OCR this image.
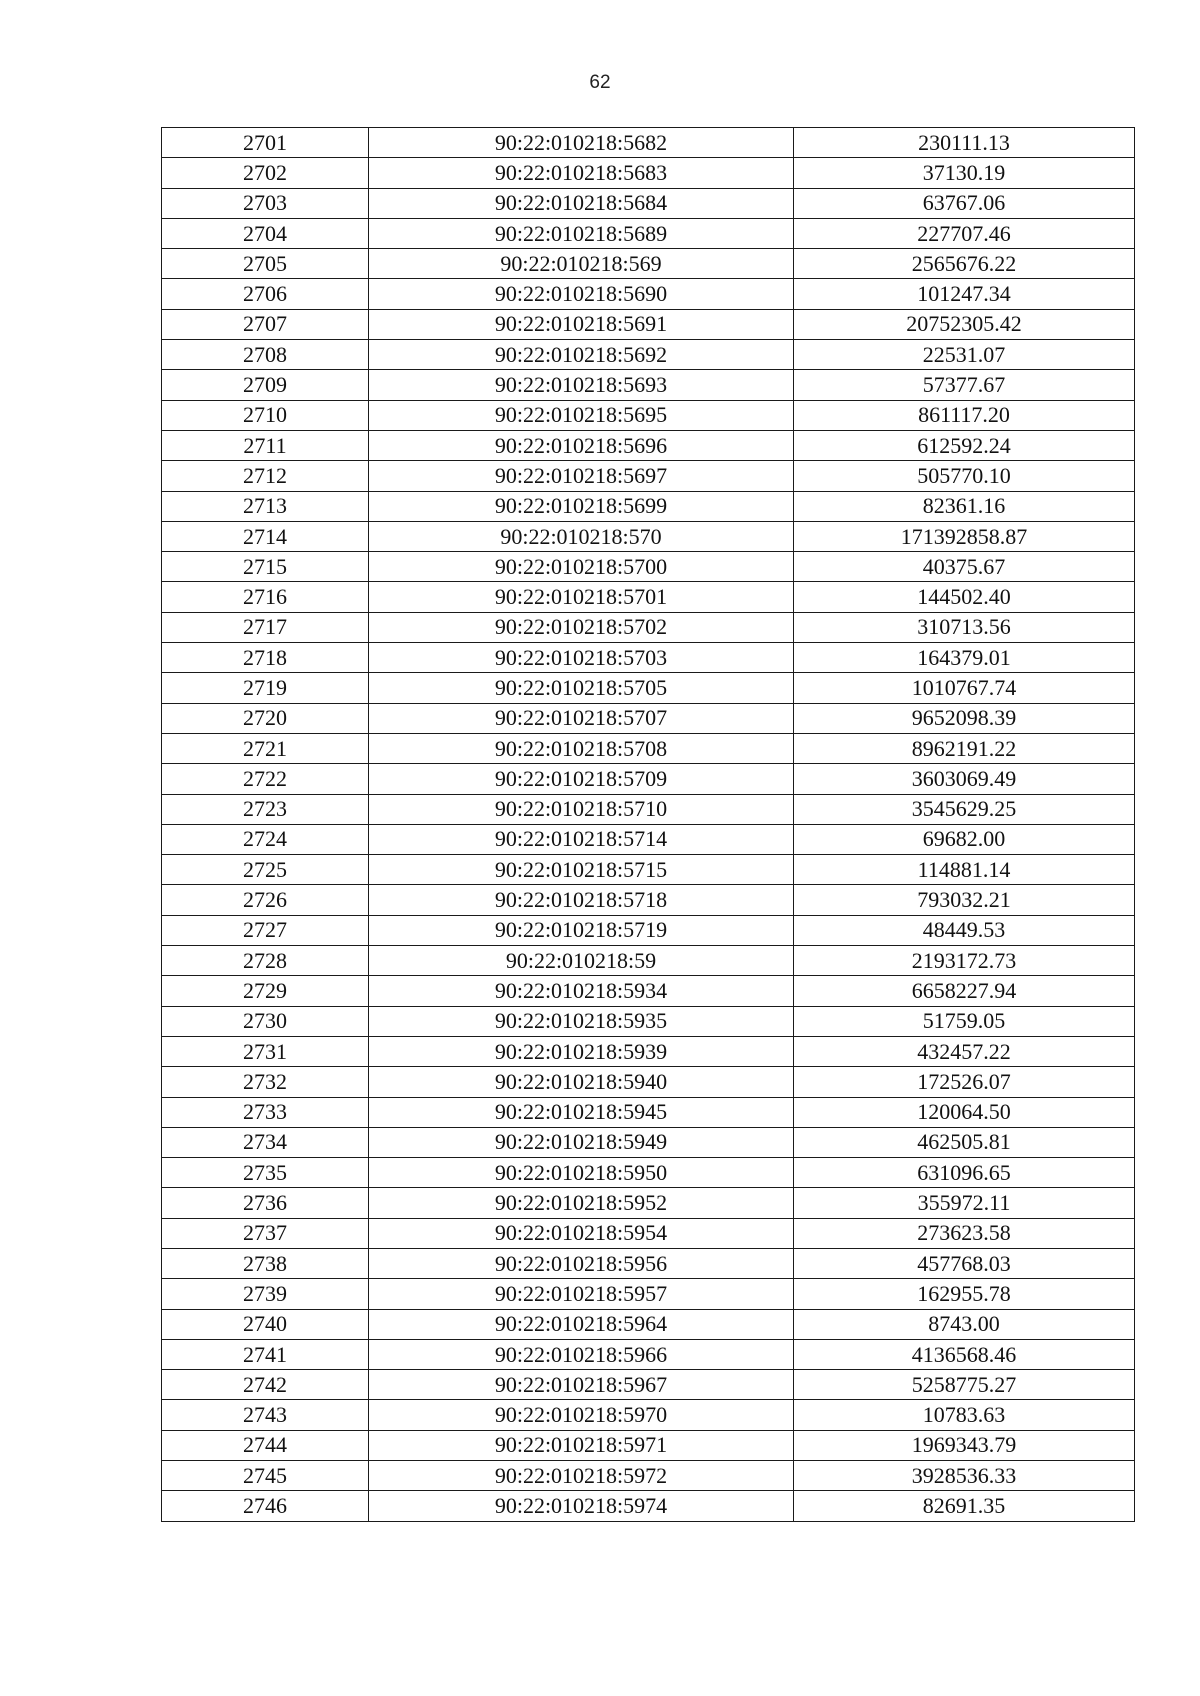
62
2701	90:22:010218:5682	230111.13
2702	90:22:010218:5683	37130.19
2703	90:22:010218:5684	63767.06
2704	90:22:010218:5689	227707.46
2705	90:22:010218:569	2565676.22
2706	90:22:010218:5690	101247.34
2707	90:22:010218:5691	20752305.42
2708	90:22:010218:5692	22531.07
2709	90:22:010218:5693	57377.67
2710	90:22:010218:5695	861117.20
2711	90:22:010218:5696	612592.24
2712	90:22:010218:5697	505770.10
2713	90:22:010218:5699	82361.16
2714	90:22:010218:570	171392858.87
2715	90:22:010218:5700	40375.67
2716	90:22:010218:5701	144502.40
2717	90:22:010218:5702	310713.56
2718	90:22:010218:5703	164379.01
2719	90:22:010218:5705	1010767.74
2720	90:22:010218:5707	9652098.39
2721	90:22:010218:5708	8962191.22
2722	90:22:010218:5709	3603069.49
2723	90:22:010218:5710	3545629.25
2724	90:22:010218:5714	69682.00
2725	90:22:010218:5715	114881.14
2726	90:22:010218:5718	793032.21
2727	90:22:010218:5719	48449.53
2728	90:22:010218:59	2193172.73
2729	90:22:010218:5934	6658227.94
2730	90:22:010218:5935	51759.05
2731	90:22:010218:5939	432457.22
2732	90:22:010218:5940	172526.07
2733	90:22:010218:5945	120064.50
2734	90:22:010218:5949	462505.81
2735	90:22:010218:5950	631096.65
2736	90:22:010218:5952	355972.11
2737	90:22:010218:5954	273623.58
2738	90:22:010218:5956	457768.03
2739	90:22:010218:5957	162955.78
2740	90:22:010218:5964	8743.00
2741	90:22:010218:5966	4136568.46
2742	90:22:010218:5967	5258775.27
2743	90:22:010218:5970	10783.63
2744	90:22:010218:5971	1969343.79
2745	90:22:010218:5972	3928536.33
2746	90:22:010218:5974	82691.35
